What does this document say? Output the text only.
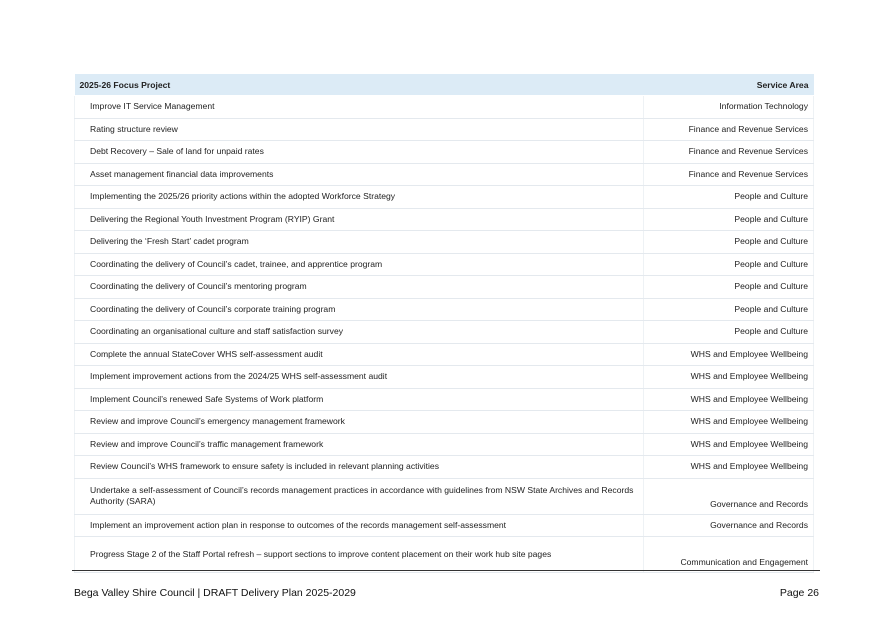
2025-26 Focus Project	Service Area
Improve IT Service Management	Information Technology
Rating structure review	Finance and Revenue Services
Debt Recovery – Sale of land for unpaid rates	Finance and Revenue Services
Asset management financial data improvements	Finance and Revenue Services
Implementing the 2025/26 priority actions within the adopted Workforce Strategy	People and Culture
Delivering the Regional Youth Investment Program (RYIP) Grant	People and Culture
Delivering the ‘Fresh Start’ cadet program	People and Culture
Coordinating the delivery of Council’s cadet, trainee, and apprentice program	People and Culture
Coordinating the delivery of Council’s mentoring program	People and Culture
Coordinating the delivery of Council’s corporate training program	People and Culture
Coordinating an organisational culture and staff satisfaction survey	People and Culture
Complete the annual StateCover WHS self-assessment audit	WHS and Employee Wellbeing
Implement improvement actions from the 2024/25 WHS self-assessment audit	WHS and Employee Wellbeing
Implement Council’s renewed Safe Systems of Work platform	WHS and Employee Wellbeing
Review and improve Council’s emergency management framework	WHS and Employee Wellbeing
Review and improve Council’s traffic management framework	WHS and Employee Wellbeing
Review Council’s WHS framework to ensure safety is included in relevant planning activities	WHS and Employee Wellbeing
Undertake a self-assessment of Council’s records management practices in accordance with guidelines from NSW State Archives and Records Authority (SARA)	Governance and Records
Implement an improvement action plan in response to outcomes of the records management self-assessment	Governance and Records
Progress Stage 2 of the Staff Portal refresh – support sections to improve content placement on their work hub site pages	Communication and Engagement
Bega Valley Shire Council | DRAFT Delivery Plan 2025-2029	Page 26
